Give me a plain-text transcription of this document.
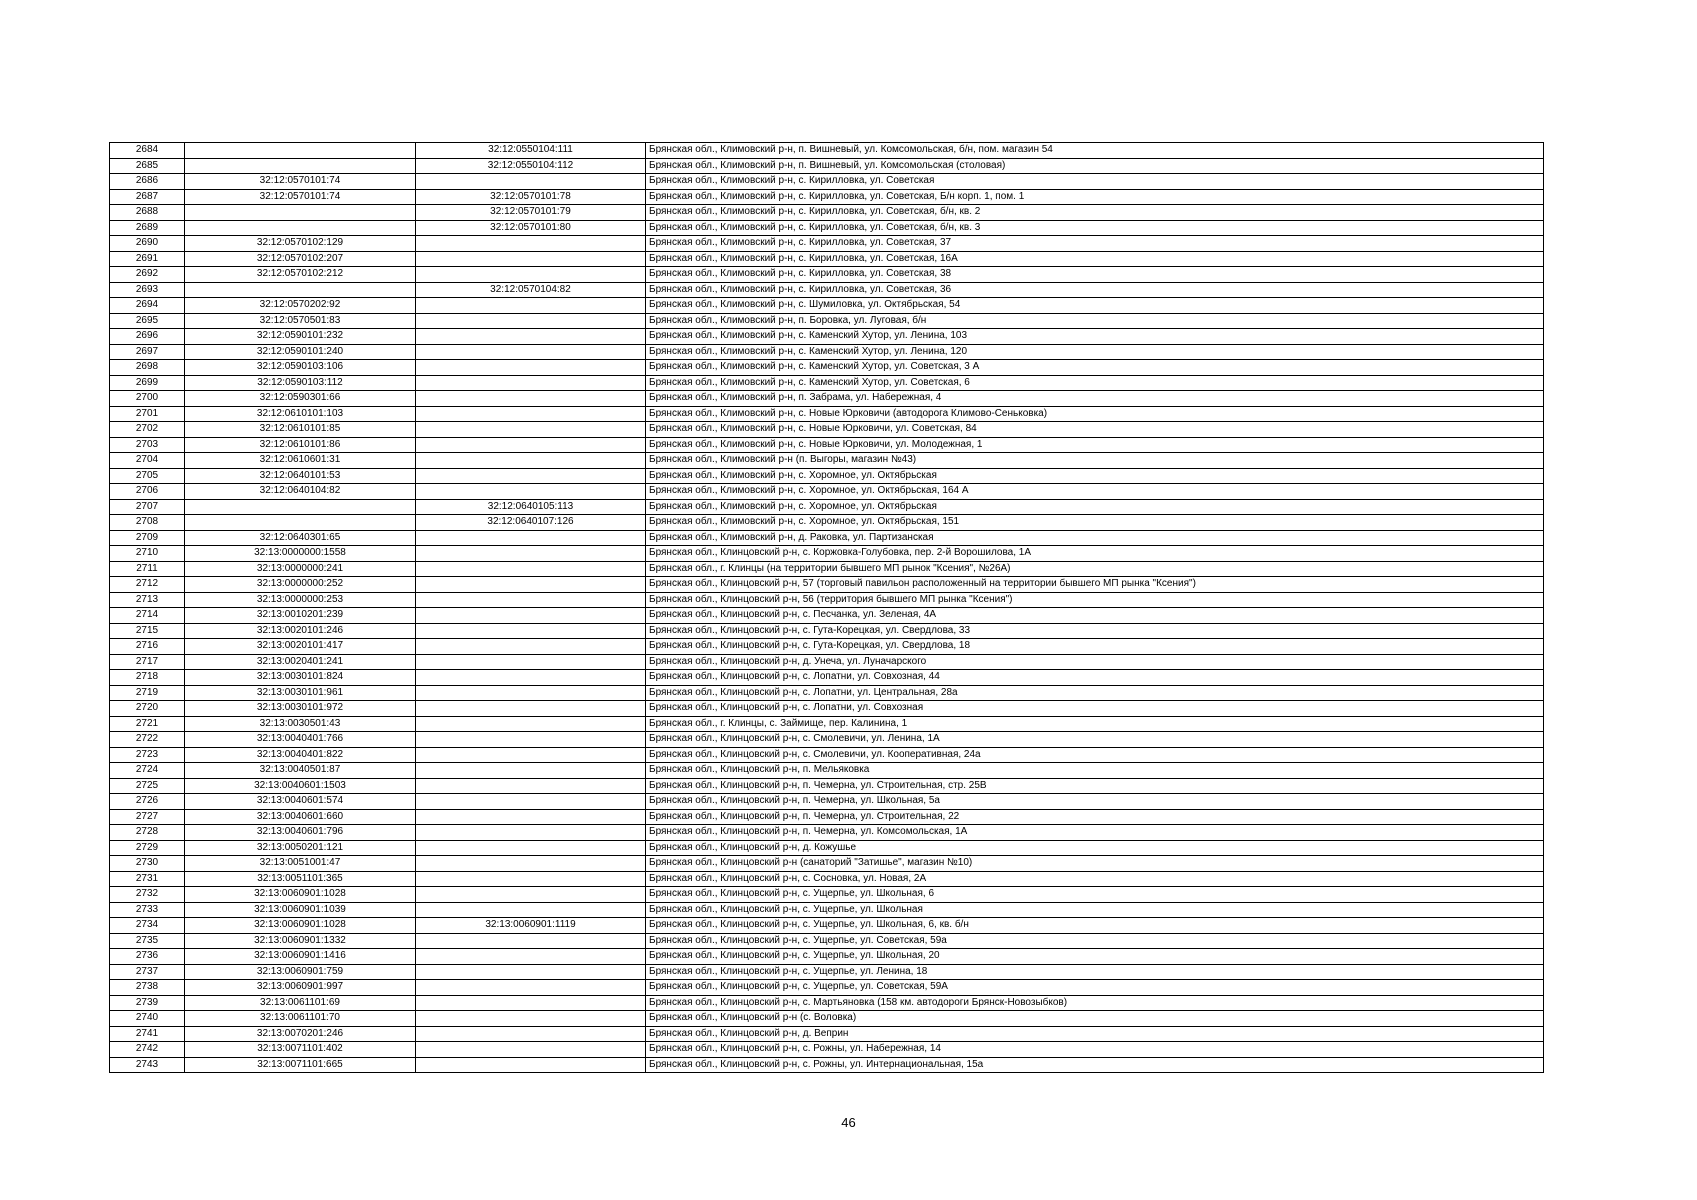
2684		32:12:0550104:111	Брянская обл., Климовский р-н, п. Вишневый, ул. Комсомольская, б/н, пом. магазин 54
2685		32:12:0550104:112	Брянская обл., Климовский р-н, п. Вишневый, ул. Комсомольская (столовая)
2686	32:12:0570101:74		Брянская обл., Климовский р-н, с. Кирилловка, ул. Советская
2687	32:12:0570101:74	32:12:0570101:78	Брянская обл., Климовский р-н, с. Кирилловка, ул. Советская, Б/н корп. 1, пом. 1
2688		32:12:0570101:79	Брянская обл., Климовский р-н, с. Кирилловка, ул. Советская, б/н, кв. 2
2689		32:12:0570101:80	Брянская обл., Климовский р-н, с. Кирилловка, ул. Советская, б/н, кв. 3
2690	32:12:0570102:129		Брянская обл., Климовский р-н, с. Кирилловка, ул. Советская, 37
2691	32:12:0570102:207		Брянская обл., Климовский р-н, с. Кирилловка, ул. Советская, 16А
2692	32:12:0570102:212		Брянская обл., Климовский р-н, с. Кирилловка, ул. Советская, 38
2693		32:12:0570104:82	Брянская обл., Климовский р-н, с. Кирилловка, ул. Советская, 36
2694	32:12:0570202:92		Брянская обл., Климовский р-н, с. Шумиловка, ул. Октябрьская, 54
2695	32:12:0570501:83		Брянская обл., Климовский р-н, п. Боровка, ул. Луговая, б/н
2696	32:12:0590101:232		Брянская обл., Климовский р-н, с. Каменский Хутор, ул. Ленина, 103
2697	32:12:0590101:240		Брянская обл., Климовский р-н, с. Каменский Хутор, ул. Ленина, 120
2698	32:12:0590103:106		Брянская обл., Климовский р-н, с. Каменский Хутор, ул. Советская, 3 А
2699	32:12:0590103:112		Брянская обл., Климовский р-н, с. Каменский Хутор, ул. Советская, 6
2700	32:12:0590301:66		Брянская обл., Климовский р-н, п. Забрама, ул. Набережная, 4
2701	32:12:0610101:103		Брянская обл., Климовский р-н, с. Новые Юрковичи (автодорога Климово-Сеньковка)
2702	32:12:0610101:85		Брянская обл., Климовский р-н, с. Новые Юрковичи, ул. Советская, 84
2703	32:12:0610101:86		Брянская обл., Климовский р-н, с. Новые Юрковичи, ул. Молодежная, 1
2704	32:12:0610601:31		Брянская обл., Климовский р-н (п. Выгоры, магазин №43)
2705	32:12:0640101:53		Брянская обл., Климовский р-н, с. Хоромное, ул. Октябрьская
2706	32:12:0640104:82		Брянская обл., Климовский р-н, с. Хоромное, ул. Октябрьская, 164 А
2707		32:12:0640105:113	Брянская обл., Климовский р-н, с. Хоромное, ул. Октябрьская
2708		32:12:0640107:126	Брянская обл., Климовский р-н, с. Хоромное, ул. Октябрьская, 151
2709	32:12:0640301:65		Брянская обл., Климовский р-н, д. Раковка, ул. Партизанская
2710	32:13:0000000:1558		Брянская обл., Клинцовский р-н, с. Коржовка-Голубовка, пер. 2-й Ворошилова, 1А
2711	32:13:0000000:241		Брянская обл., г. Клинцы (на территории бывшего МП рынок "Ксения", №26А)
2712	32:13:0000000:252		Брянская обл., Клинцовский р-н, 57 (торговый павильон расположенный на территории бывшего МП рынка "Ксения")
2713	32:13:0000000:253		Брянская обл., Клинцовский р-н, 56 (территория бывшего МП рынка "Ксения")
2714	32:13:0010201:239		Брянская обл., Клинцовский р-н, с. Песчанка, ул. Зеленая, 4А
2715	32:13:0020101:246		Брянская обл., Клинцовский р-н, с. Гута-Корецкая, ул. Свердлова, 33
2716	32:13:0020101:417		Брянская обл., Клинцовский р-н, с. Гута-Корецкая, ул. Свердлова, 18
2717	32:13:0020401:241		Брянская обл., Клинцовский р-н, д. Унеча, ул. Луначарского
2718	32:13:0030101:824		Брянская обл., Клинцовский р-н, с. Лопатни, ул. Совхозная, 44
2719	32:13:0030101:961		Брянская обл., Клинцовский р-н, с. Лопатни, ул. Центральная, 28а
2720	32:13:0030101:972		Брянская обл., Клинцовский р-н, с. Лопатни, ул. Совхозная
2721	32:13:0030501:43		Брянская обл., г. Клинцы, с. Займище, пер. Калинина, 1
2722	32:13:0040401:766		Брянская обл., Клинцовский р-н, с. Смолевичи, ул. Ленина, 1А
2723	32:13:0040401:822		Брянская обл., Клинцовский р-н, с. Смолевичи, ул. Кооперативная, 24а
2724	32:13:0040501:87		Брянская обл., Клинцовский р-н, п. Мельяковка
2725	32:13:0040601:1503		Брянская обл., Клинцовский р-н, п. Чемерна, ул. Строительная, стр. 25В
2726	32:13:0040601:574		Брянская обл., Клинцовский р-н, п. Чемерна, ул. Школьная, 5а
2727	32:13:0040601:660		Брянская обл., Клинцовский р-н, п. Чемерна, ул. Строительная, 22
2728	32:13:0040601:796		Брянская обл., Клинцовский р-н, п. Чемерна, ул. Комсомольская, 1А
2729	32:13:0050201:121		Брянская обл., Клинцовский р-н, д. Кожушье
2730	32:13:0051001:47		Брянская обл., Клинцовский р-н (санаторий "Затишье", магазин №10)
2731	32:13:0051101:365		Брянская обл., Клинцовский р-н, с. Сосновка, ул. Новая, 2А
2732	32:13:0060901:1028		Брянская обл., Клинцовский р-н, с. Ущерпье, ул. Школьная, 6
2733	32:13:0060901:1039		Брянская обл., Клинцовский р-н, с. Ущерпье, ул. Школьная
2734	32:13:0060901:1028	32:13:0060901:1119	Брянская обл., Клинцовский р-н, с. Ущерпье, ул. Школьная, 6, кв. б/н
2735	32:13:0060901:1332		Брянская обл., Клинцовский р-н, с. Ущерпье, ул. Советская, 59а
2736	32:13:0060901:1416		Брянская обл., Клинцовский р-н, с. Ущерпье, ул. Школьная, 20
2737	32:13:0060901:759		Брянская обл., Клинцовский р-н, с. Ущерпье, ул. Ленина, 18
2738	32:13:0060901:997		Брянская обл., Клинцовский р-н, с. Ущерпье, ул. Советская, 59А
2739	32:13:0061101:69		Брянская обл., Клинцовский р-н, с. Мартьяновка (158 км. автодороги Брянск-Новозыбков)
2740	32:13:0061101:70		Брянская обл., Клинцовский р-н (с. Воловка)
2741	32:13:0070201:246		Брянская обл., Клинцовский р-н, д. Веприн
2742	32:13:0071101:402		Брянская обл., Клинцовский р-н, с. Рожны, ул. Набережная, 14
2743	32:13:0071101:665		Брянская обл., Клинцовский р-н, с. Рожны, ул. Интернациональная, 15а
46
